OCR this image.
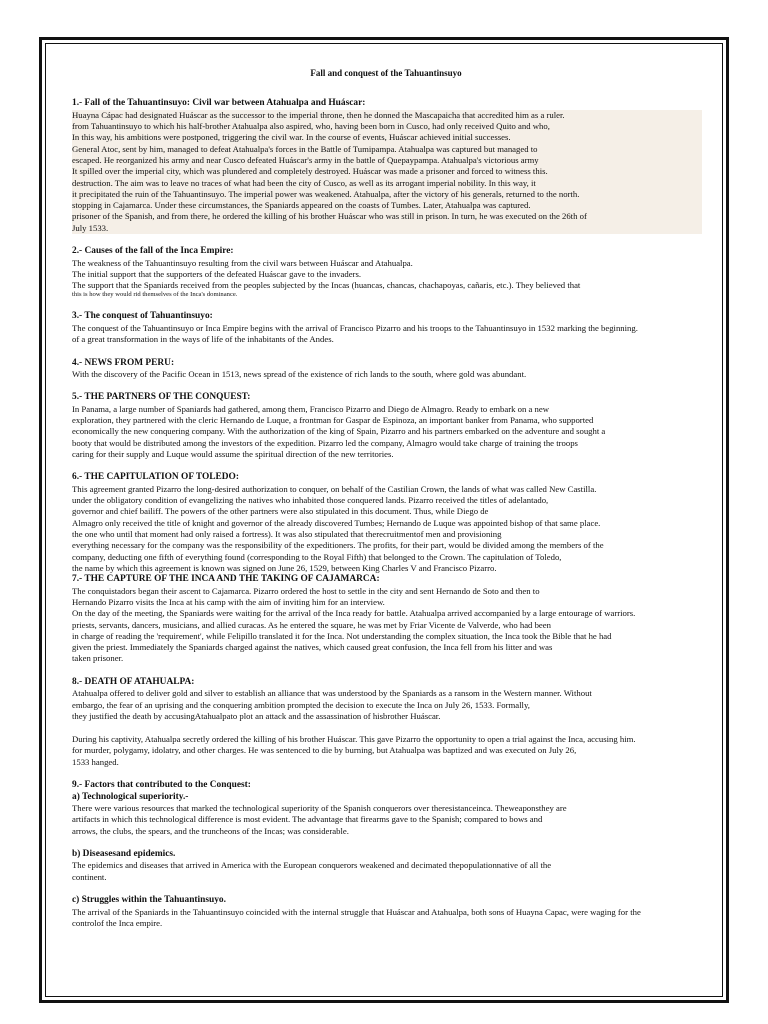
Fall and conquest of the Tahuantinsuyo
1.- Fall of the Tahuantinsuyo: Civil war between Atahualpa and Huáscar:
Huayna Cápac had designated Huáscar as the successor to the imperial throne, then he donned the Mascapaicha that accredited him as a ruler.
from Tahuantinsuyo to which his half-brother Atahualpa also aspired, who, having been born in Cusco, had only received Quito and who,
In this way, his ambitions were postponed, triggering the civil war. In the course of events, Huáscar achieved initial successes.
General Atoc, sent by him, managed to defeat Atahualpa's forces in the Battle of Tumipampa. Atahualpa was captured but managed to
escaped. He reorganized his army and near Cusco defeated Huáscar's army in the battle of Quepaypampa. Atahualpa's victorious army
It spilled over the imperial city, which was plundered and completely destroyed. Huáscar was made a prisoner and forced to witness this.
destruction. The aim was to leave no traces of what had been the city of Cusco, as well as its arrogant imperial nobility. In this way, it
it precipitated the ruin of the Tahuantinsuyo. The imperial power was weakened. Atahualpa, after the victory of his generals, returned to the north.
stopping in Cajamarca. Under these circumstances, the Spaniards appeared on the coasts of Tumbes. Later, Atahualpa was captured.
prisoner of the Spanish, and from there, he ordered the killing of his brother Huáscar who was still in prison. In turn, he was executed on the 26th of
July 1533.
2.- Causes of the fall of the Inca Empire:
The weakness of the Tahuantinsuyo resulting from the civil wars between Huáscar and Atahualpa.
The initial support that the supporters of the defeated Huáscar gave to the invaders.
The support that the Spaniards received from the peoples subjected by the Incas (huancas, chancas, chachapoyas, cañaris, etc.). They believed that
this is how they would rid themselves of the Inca's dominance.
3.- The conquest of Tahuantinsuyo:
The conquest of the Tahuantinsuyo or Inca Empire begins with the arrival of Francisco Pizarro and his troops to the Tahuantinsuyo in 1532 marking the beginning.
of a great transformation in the ways of life of the inhabitants of the Andes.
4.- NEWS FROM PERU:
With the discovery of the Pacific Ocean in 1513, news spread of the existence of rich lands to the south, where gold was abundant.
5.- THE PARTNERS OF THE CONQUEST:
In Panama, a large number of Spaniards had gathered, among them, Francisco Pizarro and Diego de Almagro. Ready to embark on a new
exploration, they partnered with the cleric Hernando de Luque, a frontman for Gaspar de Espinoza, an important banker from Panama, who supported
economically the new conquering company. With the authorization of the king of Spain, Pizarro and his partners embarked on the adventure and sought a
booty that would be distributed among the investors of the expedition. Pizarro led the company, Almagro would take charge of training the troops
caring for their supply and Luque would assume the spiritual direction of the new territories.
6.- THE CAPITULATION OF TOLEDO:
This agreement granted Pizarro the long-desired authorization to conquer, on behalf of the Castilian Crown, the lands of what was called New Castilla.
under the obligatory condition of evangelizing the natives who inhabited those conquered lands. Pizarro received the titles of adelantado,
governor and chief bailiff. The powers of the other partners were also stipulated in this document. Thus, while Diego de
Almagro only received the title of knight and governor of the already discovered Tumbes; Hernando de Luque was appointed bishop of that same place.
the one who until that moment had only raised a fortress). It was also stipulated that therecruitmentof men and provisioning
everything necessary for the company was the responsibility of the expeditioners. The profits, for their part, would be divided among the members of the
company, deducting one fifth of everything found (corresponding to the Royal Fifth) that belonged to the Crown. The capitulation of Toledo,
the name by which this agreement is known was signed on June 26, 1529, between King Charles V and Francisco Pizarro.
7.- THE CAPTURE OF THE INCA AND THE TAKING OF CAJAMARCA:
The conquistadors began their ascent to Cajamarca. Pizarro ordered the host to settle in the city and sent Hernando de Soto and then to
Hernando Pizarro visits the Inca at his camp with the aim of inviting him for an interview.
On the day of the meeting, the Spaniards were waiting for the arrival of the Inca ready for battle. Atahualpa arrived accompanied by a large entourage of warriors.
priests, servants, dancers, musicians, and allied curacas. As he entered the square, he was met by Friar Vicente de Valverde, who had been
in charge of reading the 'requirement', while Felipillo translated it for the Inca. Not understanding the complex situation, the Inca took the Bible that he had
given the priest. Immediately the Spaniards charged against the natives, which caused great confusion, the Inca fell from his litter and was
taken prisoner.
8.- DEATH OF ATAHUALPA:
Atahualpa offered to deliver gold and silver to establish an alliance that was understood by the Spaniards as a ransom in the Western manner. Without
embargo, the fear of an uprising and the conquering ambition prompted the decision to execute the Inca on July 26, 1533. Formally,
they justified the death by accusingAtahualpato plot an attack and the assassination of hisbrother Huáscar.
During his captivity, Atahualpa secretly ordered the killing of his brother Huáscar. This gave Pizarro the opportunity to open a trial against the Inca, accusing him.
for murder, polygamy, idolatry, and other charges. He was sentenced to die by burning, but Atahualpa was baptized and was executed on July 26,
1533 hanged.
9.- Factors that contributed to the Conquest:
a) Technological superiority.-
There were various resources that marked the technological superiority of the Spanish conquerors over theresistanceinca. Theweaponsthey are
artifacts in which this technological difference is most evident. The advantage that firearms gave to the Spanish; compared to bows and
arrows, the clubs, the spears, and the truncheons of the Incas; was considerable.
b) Diseasesand epidemics.
The epidemics and diseases that arrived in America with the European conquerors weakened and decimated thepopulationnative of all the
continent.
c) Struggles within the Tahuantinsuyo.
The arrival of the Spaniards in the Tahuantinsuyo coincided with the internal struggle that Huáscar and Atahualpa, both sons of Huayna Capac, were waging for the
controlof the Inca empire.
